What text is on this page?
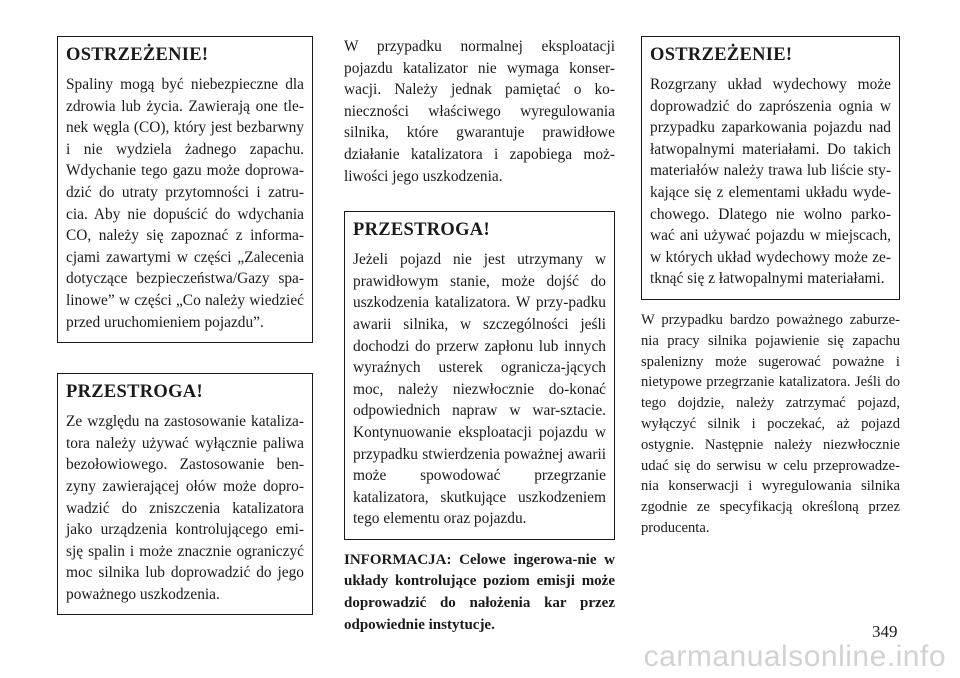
OSTRZEŻENIE!

Spaliny mogą być niebezpieczne dla zdrowia lub życia. Zawierają one tle-nek węgla (CO), który jest bezbarwny i nie wydziela żadnego zapachu. Wdychanie tego gazu może doprowa-dzić do utraty przytomności i zatru-cia. Aby nie dopuścić do wdychania CO, należy się zapoznać z informa-cjami zawartymi w części „Zalecenia dotyczące bezpieczeństwa/Gazy spa-linowe” w części „Co należy wiedzieć przed uruchomieniem pojazdu”.

PRZESTROGA!

Ze względu na zastosowanie kataliza-tora należy używać wyłącznie paliwa bezołowiowego. Zastosowanie ben-zyny zawierającej ołów może dopro-wadzić do zniszczenia katalizatora jako urządzenia kontrolującego emi-sję spalin i może znacznie ograniczyć moc silnika lub doprowadzić do jego poważnego uszkodzenia.

W przypadku normalnej eksploatacji pojazdu katalizator nie wymaga konser-wacji. Należy jednak pamiętać o ko-nieczności właściwego wyregulowania silnika, które gwarantuje prawidłowe działanie katalizatora i zapobiega moż-liwości jego uszkodzenia.

PRZESTROGA!

Jeżeli pojazd nie jest utrzymany w prawidłowym stanie, może dojść do uszkodzenia katalizatora. W przy-padku awarii silnika, w szczególności jeśli dochodzi do przerw zapłonu lub innych wyraźnych usterek ogranicza-jących moc, należy niezwłocznie do-konać odpowiednich napraw w war-sztacie. Kontynuowanie eksploatacji pojazdu w przypadku stwierdzenia poważnej awarii może spowodować przegrzanie katalizatora, skutkujące uszkodzeniem tego elementu oraz pojazdu.

INFORMACJA: Celowe ingerowa-nie w układy kontrolujące poziom emisji może doprowadzić do nałożenia kar przez odpowiednie instytucje.

OSTRZEŻENIE!

Rozgrzany układ wydechowy może doprowadzić do zaprószenia ognia w przypadku zaparkowania pojazdu nad łatwopalnymi materiałami. Do takich materiałów należy trawa lub liście sty-kające się z elementami układu wyde-chowego. Dlatego nie wolno parko-wać ani używać pojazdu w miejscach, w których układ wydechowy może ze-tknąć się z łatwopalnymi materiałami.

W przypadku bardzo poważnego zaburze-nia pracy silnika pojawienie się zapachu spalenizny może sugerować poważne i nietypowe przegrzanie katalizatora. Jeśli do tego dojdzie, należy zatrzymać pojazd, wyłączyć silnik i poczekać, aż pojazd ostygnie. Następnie należy niezwłocznie udać się do serwisu w celu przeprowadze-nia konserwacji i wyregulowania silnika zgodnie ze specyfikacją określoną przez producenta.

349
carmanualsonline.info
